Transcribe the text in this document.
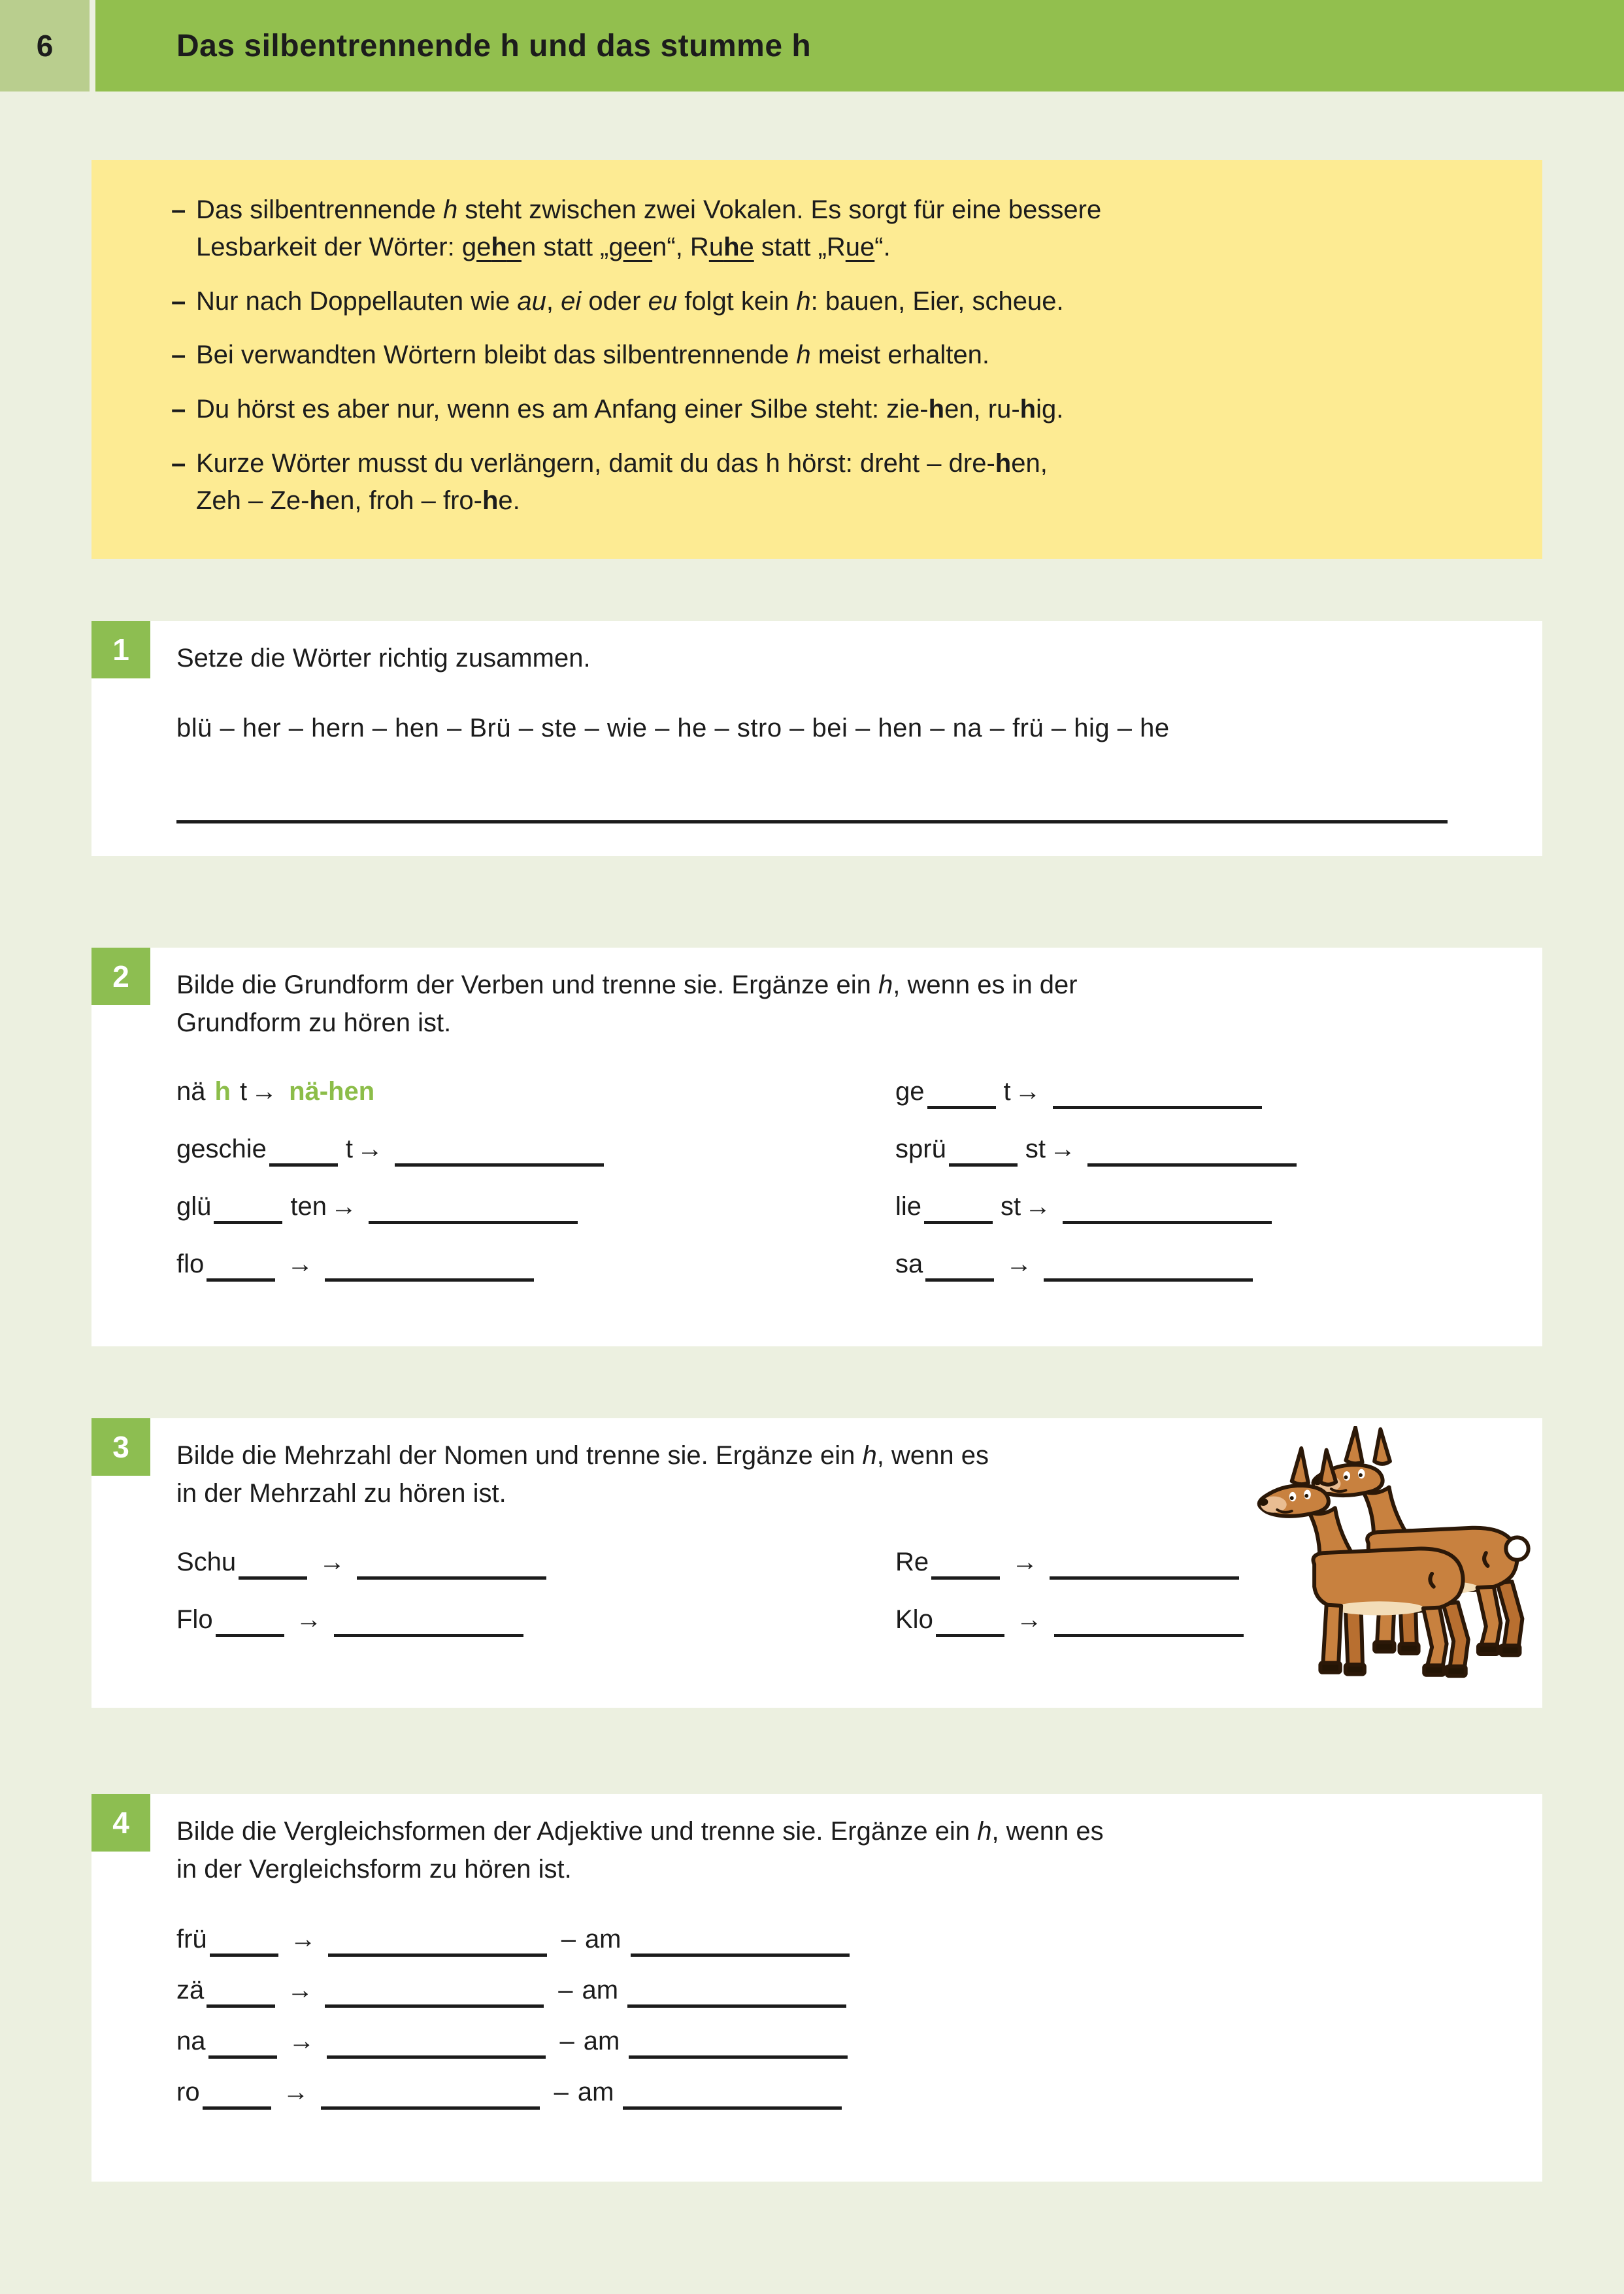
6	Das silbentrennende h und das stumme h
– Das silbentrennende h steht zwischen zwei Vokalen. Es sorgt für eine bessere
Lesbarkeit der Wörter: gehen statt „geen“, Ruhe statt „Rue“.
– Nur nach Doppellauten wie au, ei oder eu folgt kein h: bauen, Eier, scheue.
– Bei verwandten Wörtern bleibt das silbentrennende h meist erhalten.
– Du hörst es aber nur, wenn es am Anfang einer Silbe steht: zie-hen, ru-hig.
– Kurze Wörter musst du verlängern, damit du das h hörst: dreht – dre-hen,
Zeh – Ze-hen, froh – fro-he.
1 Setze die Wörter richtig zusammen.
blü – her – hern – hen – Brü – ste – wie – he – stro – bei – hen – na – frü – hig – he
2 Bilde die Grundform der Verben und trenne sie. Ergänze ein h, wenn es in der
Grundform zu hören ist.
nä h t → nä-hen	ge	t →
geschie	t →	sprü	st →
glü	ten →	lie	st →
flo	→	sa	→
3 Bilde die Mehrzahl der Nomen und trenne sie. Ergänze ein h, wenn es
in der Mehrzahl zu hören ist.
Schu	→	Re	→
Flo	→	Klo	→
4 Bilde die Vergleichsformen der Adjektive und trenne sie. Ergänze ein h, wenn es
in der Vergleichsform zu hören ist.
frü	→	– am
zä	→	– am
na	→	– am
ro	→	– am
